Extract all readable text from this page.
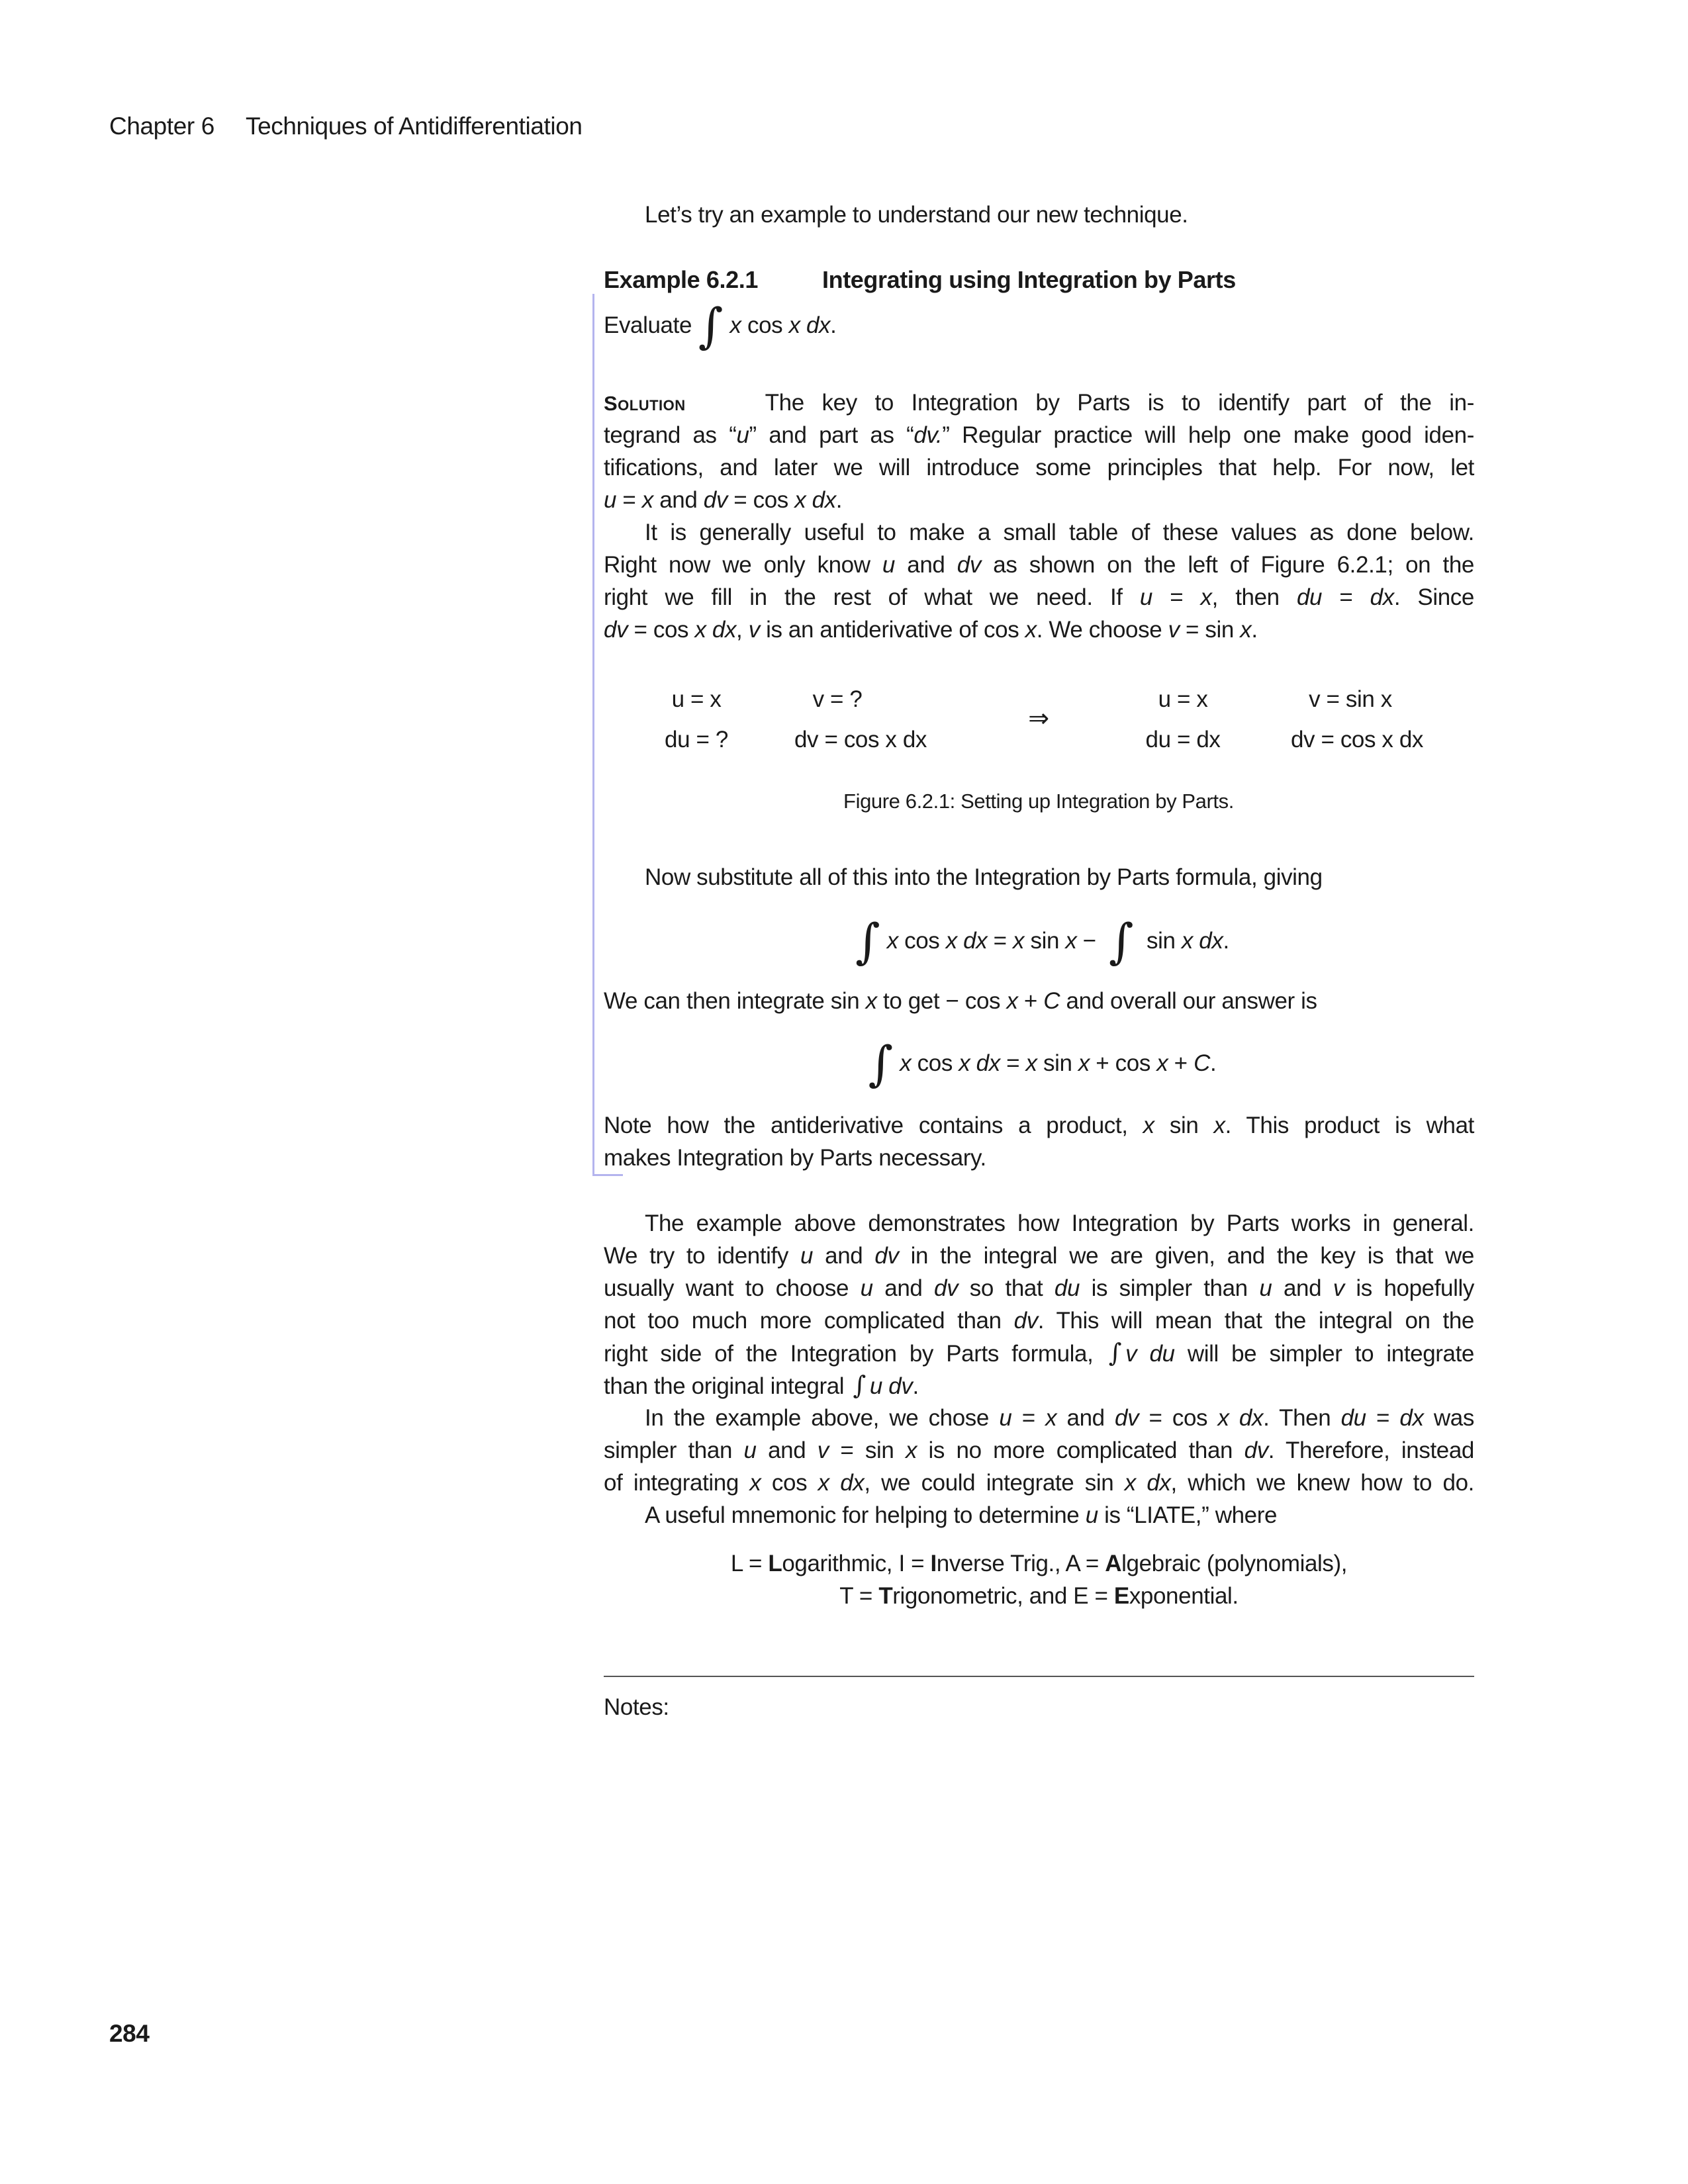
Chapter 6 Techniques of Antidifferentiation
Let’s try an example to understand our new technique.
Example 6.2.1	Integrating using Integration by Parts
Evaluate ∫ x cos x dx.
Solution	The key to Integration by Parts is to identify part of the in-
tegrand as “u” and part as “dv.” Regular practice will help one make good iden-
tifications, and later we will introduce some principles that help. For now, let
u = x and dv = cos x dx.
It is generally useful to make a small table of these values as done below.
Right now we only know u and dv as shown on the left of Figure 6.2.1; on the
right we fill in the rest of what we need. If u = x, then du = dx. Since
dv = cos x dx, v is an antiderivative of cos x. We choose v = sin x.
u = x	v = ?
du = ?	dv = cos x dx
⇒
u = x	v = sin x
du = dx	dv = cos x dx
Figure 6.2.1: Setting up Integration by Parts.
Now substitute all of this into the Integration by Parts formula, giving
∫ x cos x dx = x sin x − ∫ sin x dx.
We can then integrate sin x to get − cos x + C and overall our answer is
∫ x cos x dx = x sin x + cos x + C.
Note how the antiderivative contains a product, x sin x. This product is what
makes Integration by Parts necessary.
The example above demonstrates how Integration by Parts works in general.
We try to identify u and dv in the integral we are given, and the key is that we
usually want to choose u and dv so that du is simpler than u and v is hopefully
not too much more complicated than dv. This will mean that the integral on the
right side of the Integration by Parts formula, ∫ v du will be simpler to integrate
than the original integral ∫ u dv.
In the example above, we chose u = x and dv = cos x dx. Then du = dx was
simpler than u and v = sin x is no more complicated than dv. Therefore, instead
of integrating x cos x dx, we could integrate sin x dx, which we knew how to do.
A useful mnemonic for helping to determine u is “LIATE,” where
L = Logarithmic, I = Inverse Trig., A = Algebraic (polynomials),
T = Trigonometric, and E = Exponential.
Notes:
284
